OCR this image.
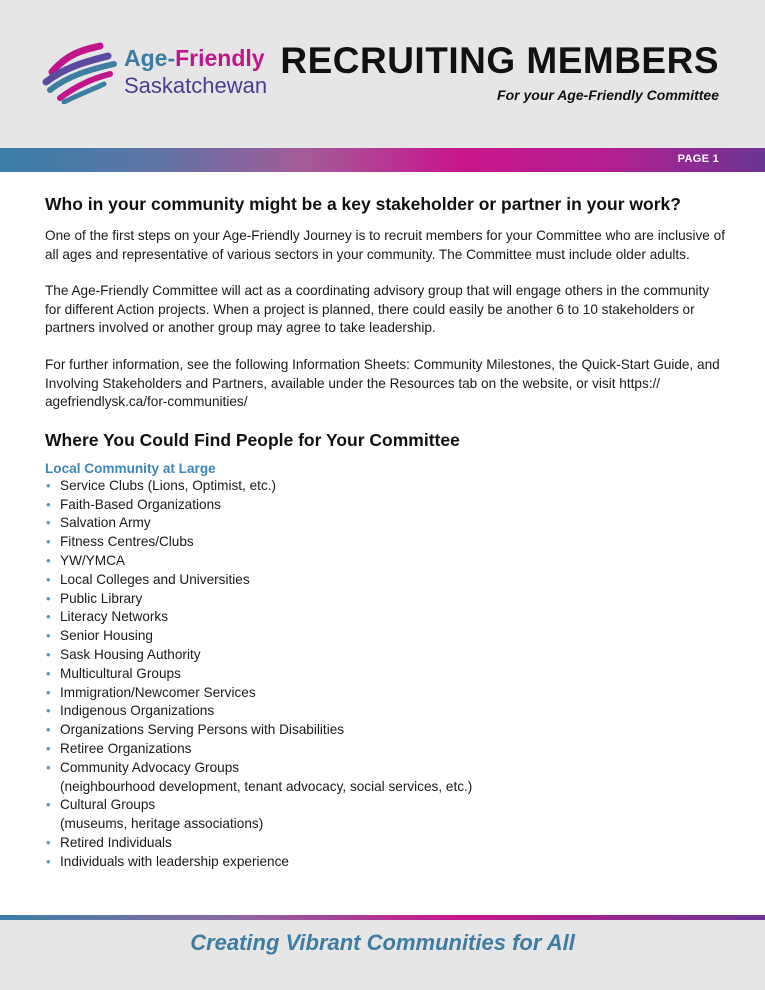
Age-Friendly
Saskatchewan
RECRUITING MEMBERS
For your Age-Friendly Committee
PAGE 1
Who in your community might be a key stakeholder or partner in your work?

One of the first steps on your Age-Friendly Journey is to recruit members for your Committee who are inclusive of all ages and representative of various sectors in your community. The Committee must include older adults.

The Age-Friendly Committee will act as a coordinating advisory group that will engage others in the community for different Action projects. When a project is planned, there could easily be another 6 to 10 stakeholders or partners involved or another group may agree to take leadership.

For further information, see the following Information Sheets: Community Milestones, the Quick-Start Guide, and Involving Stakeholders and Partners, available under the Resources tab on the website, or visit https:// agefriendlysk.ca/for-communities/

Where You Could Find People for Your Committee
Local Community at Large
• Service Clubs (Lions, Optimist, etc.)
• Faith-Based Organizations
• Salvation Army
• Fitness Centres/Clubs
• YW/YMCA
• Local Colleges and Universities
• Public Library
• Literacy Networks
• Senior Housing
• Sask Housing Authority
• Multicultural Groups
• Immigration/Newcomer Services
• Indigenous Organizations
• Organizations Serving Persons with Disabilities
• Retiree Organizations
• Community Advocacy Groups
(neighbourhood development, tenant advocacy, social services, etc.)
• Cultural Groups
(museums, heritage associations)
• Retired Individuals
• Individuals with leadership experience
Creating Vibrant Communities for All
